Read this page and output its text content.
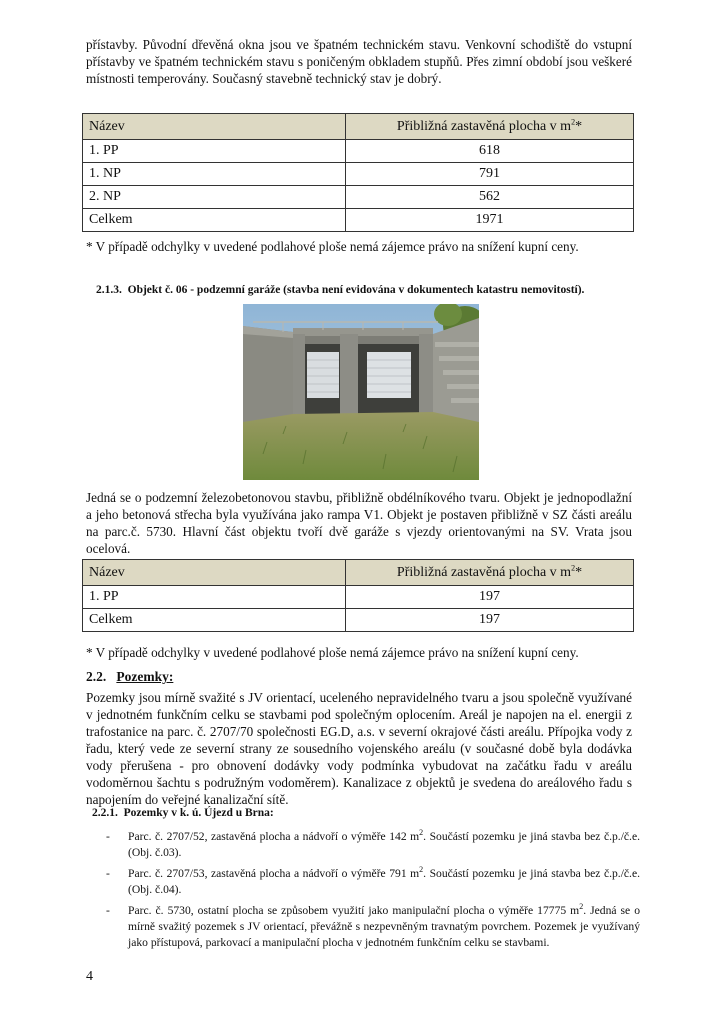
přístavby. Původní dřevěná okna jsou ve špatném technickém stavu. Venkovní schodiště do vstupní přístavby ve špatném technickém stavu s poničeným obkladem stupňů. Přes zimní období jsou veškeré místnosti temperovány. Současný stavebně technický stav je dobrý.

Název	Přibližná zastavěná plocha v $m^2*$
1. PP	618
1. NP	791
2. NP	562
Celkem	1971
* V případě odchylky v uvedené podlahové ploše nemá zájemce právo na snížení kupní ceny.
2.1.3. Objekt č. 06 - podzemní garáže (stavba není evidována v dokumentech katastru nemovitostí).

Jedná se o podzemní železobetonovou stavbu, přibližně obdélníkového tvaru. Objekt je jednopodlažní a jeho betonová střecha byla využívána jako rampa V1. Objekt je postaven přibližně v SZ části areálu na parc.č. 5730. Hlavní část objektu tvoří dvě garáže s vjezdy orientovanými na SV. Vrata jsou ocelová.

Název	Přibližná zastavěná plocha v $m^2*$
1. PP	197
Celkem	197
* V případě odchylky v uvedené podlahové ploše nemá zájemce právo na snížení kupní ceny.
2.2. Pozemky:

Pozemky jsou mírně svažité s JV orientací, uceleného nepravidelného tvaru a jsou společně využívané v jednotném funkčním celku se stavbami pod společným oplocením. Areál je napojen na el. energii z trafostanice na parc. č. 2707/70 společnosti EG.D, a.s. v severní okrajové části areálu. Přípojka vody z řadu, který vede ze severní strany ze sousedního vojenského areálu (v současné době byla dodávka vody přerušena - pro obnovení dodávky vody podmínka vybudovat na začátku řadu v areálu vodoměrnou šachtu s podružným vodoměrem). Kanalizace z objektů je svedena do areálového řadu s napojením do veřejné kanalizační sítě.

2.2.1. Pozemky v k. ú. Újezd u Brna:
- Parc. č. 2707/52, zastavěná plocha a nádvoří o výměře 142 $m^2$. Součástí pozemku je jiná stavba bez č.p./č.e. (Obj. č.03).
- Parc. č. 2707/53, zastavěná plocha a nádvoří o výměře 791 $m^2$. Součástí pozemku je jiná stavba bez č.p./č.e. (Obj. č.04).
- Parc. č. 5730, ostatní plocha se způsobem využití jako manipulační plocha o výměře 17775 $m^2$. Jedná se o mírně svažitý pozemek s JV orientací, převážně s nezpevněným travnatým povrchem. Pozemek je využívaný jako přístupová, parkovací a manipulační plocha v jednotném funkčním celku se stavbami.
4
